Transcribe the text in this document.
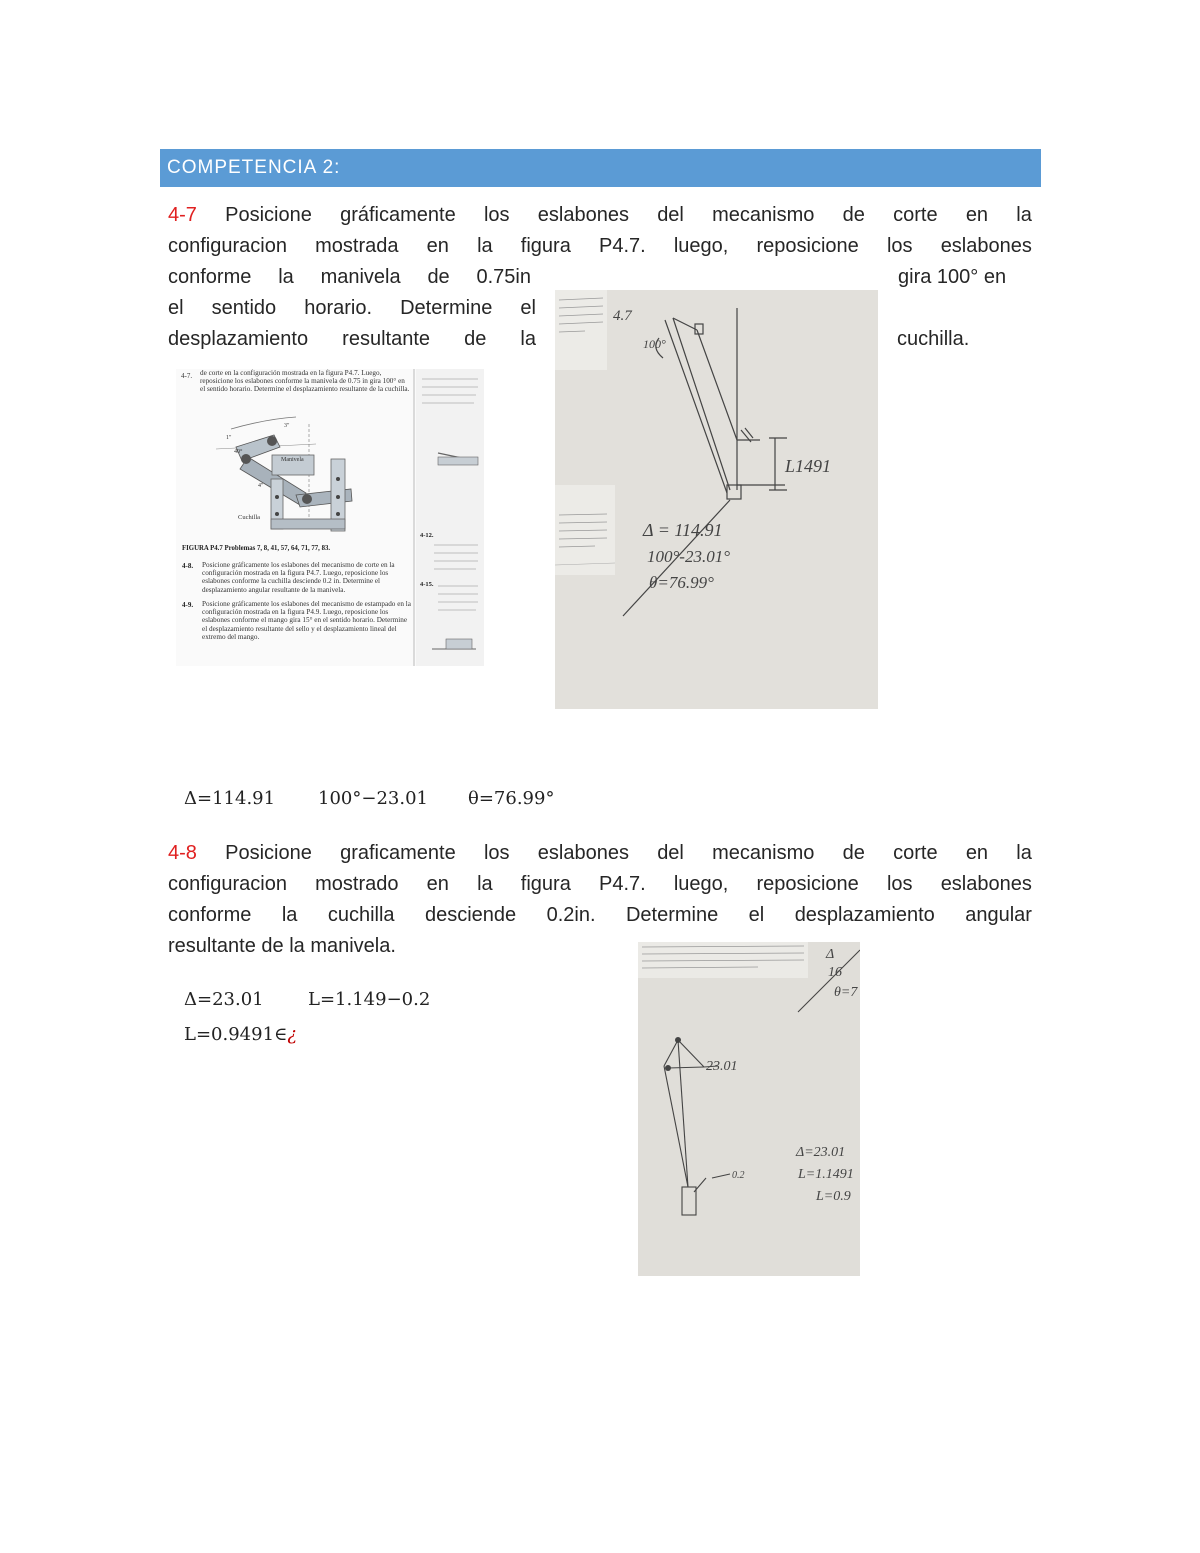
COMPETENCIA 2:
4-7 Posicione gráficamente los eslabones del mecanismo de corte en la
configuracion mostrada en la figura P4.7. luego, reposicione los eslabones
conforme la manivela de 0.75in	gira 100° en
el sentido horario. Determine el
desplazamiento resultante de la	cuchilla.
4-7. de corte en la configuración mostrada en la figura P4.7. Luego, reposicione los eslabones conforme la manivela de 0.75 in gira 100° en el sentido horario. Determine el desplazamiento resultante de la cuchilla.
1"
40°
Manivela
4"
3"
Cuchilla
FIGURA P4.7 Problemas 7, 8, 41, 57, 64, 71, 77, 83.
4-8. Posicione gráficamente los eslabones del mecanismo de corte en la configuración mostrada en la figura P4.7. Luego, reposicione los eslabones conforme la cuchilla desciende 0.2 in. Determine el desplazamiento angular resultante de la manivela.
4-9. Posicione gráficamente los eslabones del mecanismo de estampado en la configuración mostrada en la figura P4.9. Luego, reposicione los eslabones conforme el mango gira 15° en el sentido horario. Determine el desplazamiento resultante del sello y el desplazamiento lineal del extremo del mango.
4-12.
4-15.
4.7
100°
L1491
Δ = 114.91
100°-23.01°
θ=76.99°
Δ=114.91 100°−23.01 θ=76.99°
4-8 Posicione graficamente los eslabones del mecanismo de corte en la
configuracion mostrado en la figura P4.7. luego, reposicione los eslabones
conforme la cuchilla desciende 0.2in. Determine el desplazamiento angular
resultante de la manivela.
Δ=23.01 L=1.149−0.2
L=0.9491∈¿
Δ
16
θ=7
23.01
0.2
Δ=23.01
L=1.1491
L=0.9
